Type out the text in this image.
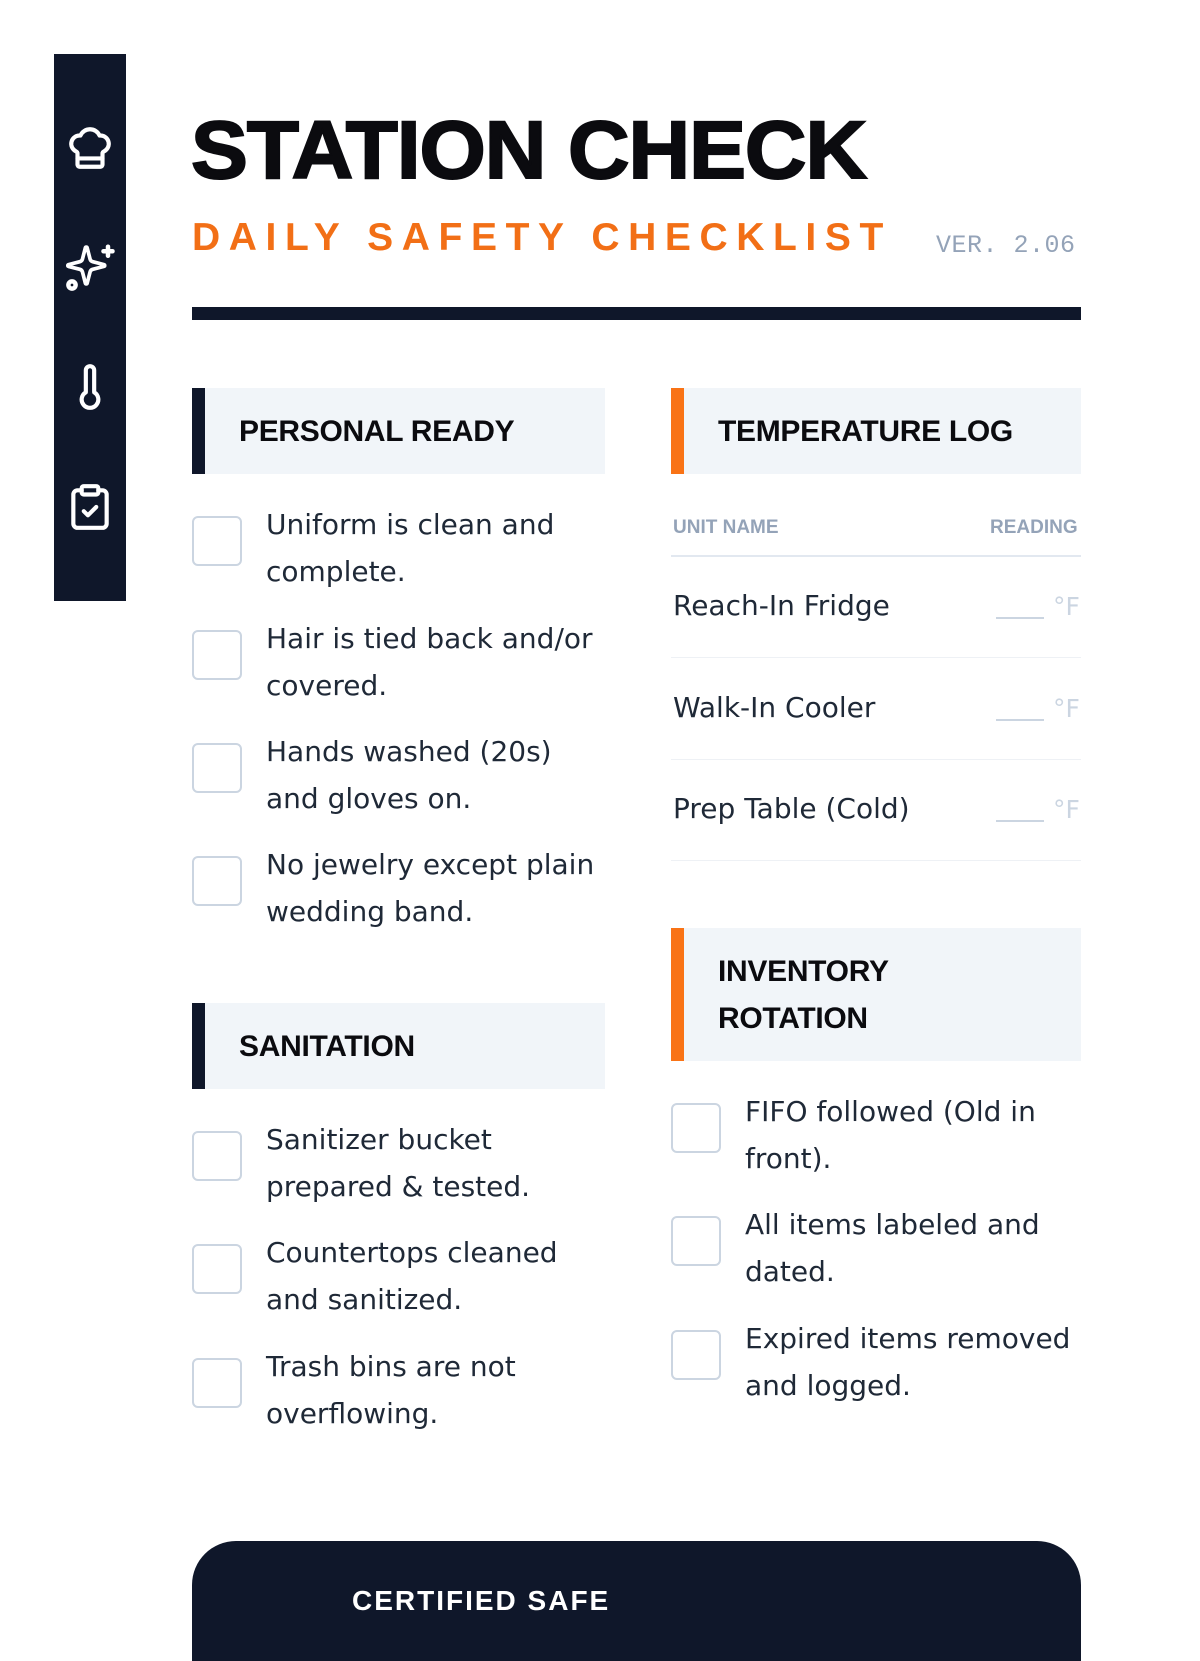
STATION CHECK
DAILY SAFETY CHECKLIST VER. 2.06
PERSONAL READY
Uniform is clean and complete.
Hair is tied back and/or covered.
Hands washed (20s) and gloves on.
No jewelry except plain wedding band.
SANITATION
Sanitizer bucket prepared & tested.
Countertops cleaned and sanitized.
Trash bins are not overflowing.
TEMPERATURE LOG
UNIT NAME	READING
Reach-In Fridge	°F
Walk-In Cooler	°F
Prep Table (Cold)	°F
INVENTORY
ROTATION
FIFO followed (Old in front).
All items labeled and dated.
Expired items removed and logged.
CERTIFIED SAFE
